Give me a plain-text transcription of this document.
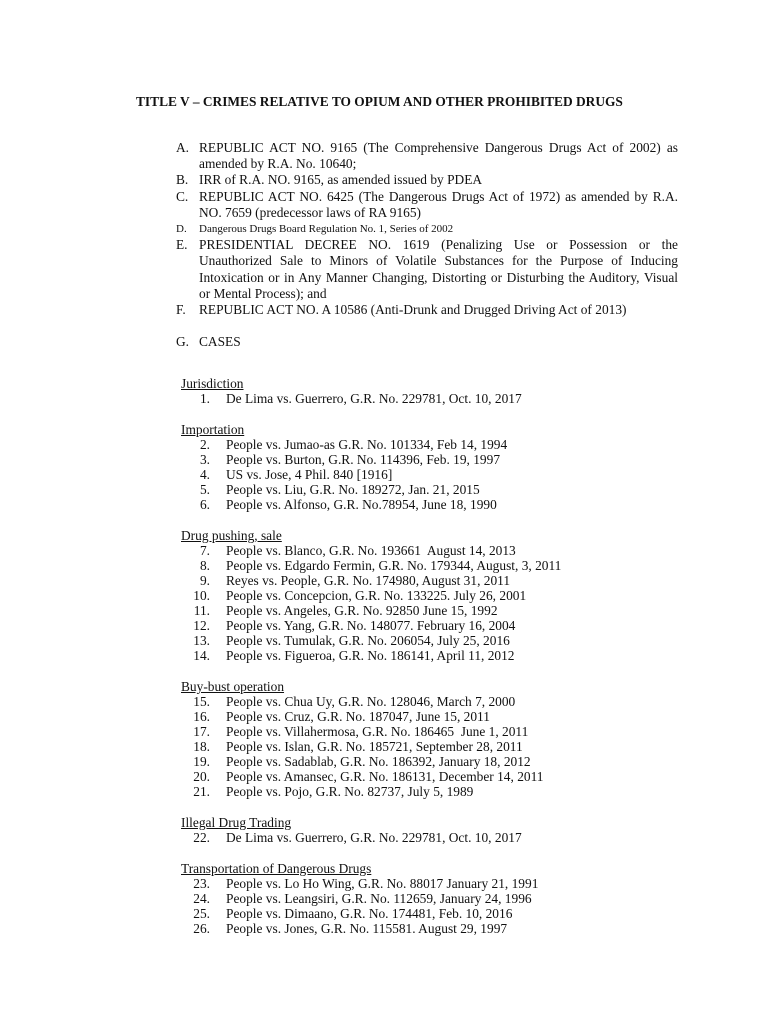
TITLE V – CRIMES RELATIVE TO OPIUM AND OTHER PROHIBITED DRUGS
A. REPUBLIC ACT NO. 9165 (The Comprehensive Dangerous Drugs Act of 2002) as amended by R.A. No. 10640;
B. IRR of R.A. NO. 9165, as amended issued by PDEA
C. REPUBLIC ACT NO. 6425 (The Dangerous Drugs Act of 1972) as amended by R.A. NO. 7659 (predecessor laws of RA 9165)
D. Dangerous Drugs Board Regulation No. 1, Series of 2002
E. PRESIDENTIAL DECREE NO. 1619 (Penalizing Use or Possession or the Unauthorized Sale to Minors of Volatile Substances for the Purpose of Inducing Intoxication or in Any Manner Changing, Distorting or Disturbing the Auditory, Visual or Mental Process); and
F. REPUBLIC ACT NO. A 10586 (Anti-Drunk and Drugged Driving Act of 2013)
G. CASES
Jurisdiction
1. De Lima vs. Guerrero, G.R. No. 229781, Oct. 10, 2017
Importation
2. People vs. Jumao-as G.R. No. 101334, Feb 14, 1994
3. People vs. Burton, G.R. No. 114396, Feb. 19, 1997
4. US vs. Jose, 4 Phil. 840 [1916]
5. People vs. Liu, G.R. No. 189272, Jan. 21, 2015
6. People vs. Alfonso, G.R. No.78954, June 18, 1990
Drug pushing, sale
7. People vs. Blanco, G.R. No. 193661  August 14, 2013
8. People vs. Edgardo Fermin, G.R. No. 179344, August, 3, 2011
9. Reyes vs. People, G.R. No. 174980, August 31, 2011
10. People vs. Concepcion, G.R. No. 133225. July 26, 2001
11. People vs. Angeles, G.R. No. 92850 June 15, 1992
12. People vs. Yang, G.R. No. 148077. February 16, 2004
13. People vs. Tumulak, G.R. No. 206054, July 25, 2016
14. People vs. Figueroa, G.R. No. 186141, April 11, 2012
Buy-bust operation
15. People vs. Chua Uy, G.R. No. 128046, March 7, 2000
16. People vs. Cruz, G.R. No. 187047, June 15, 2011
17. People vs. Villahermosa, G.R. No. 186465  June 1, 2011
18. People vs. Islan, G.R. No. 185721, September 28, 2011
19. People vs. Sadablab, G.R. No. 186392, January 18, 2012
20. People vs. Amansec, G.R. No. 186131, December 14, 2011
21. People vs. Pojo, G.R. No. 82737, July 5, 1989
Illegal Drug Trading
22. De Lima vs. Guerrero, G.R. No. 229781, Oct. 10, 2017
Transportation of Dangerous Drugs
23. People vs. Lo Ho Wing, G.R. No. 88017 January 21, 1991
24. People vs. Leangsiri, G.R. No. 112659, January 24, 1996
25. People vs. Dimaano, G.R. No. 174481, Feb. 10, 2016
26. People vs. Jones, G.R. No. 115581. August 29, 1997
